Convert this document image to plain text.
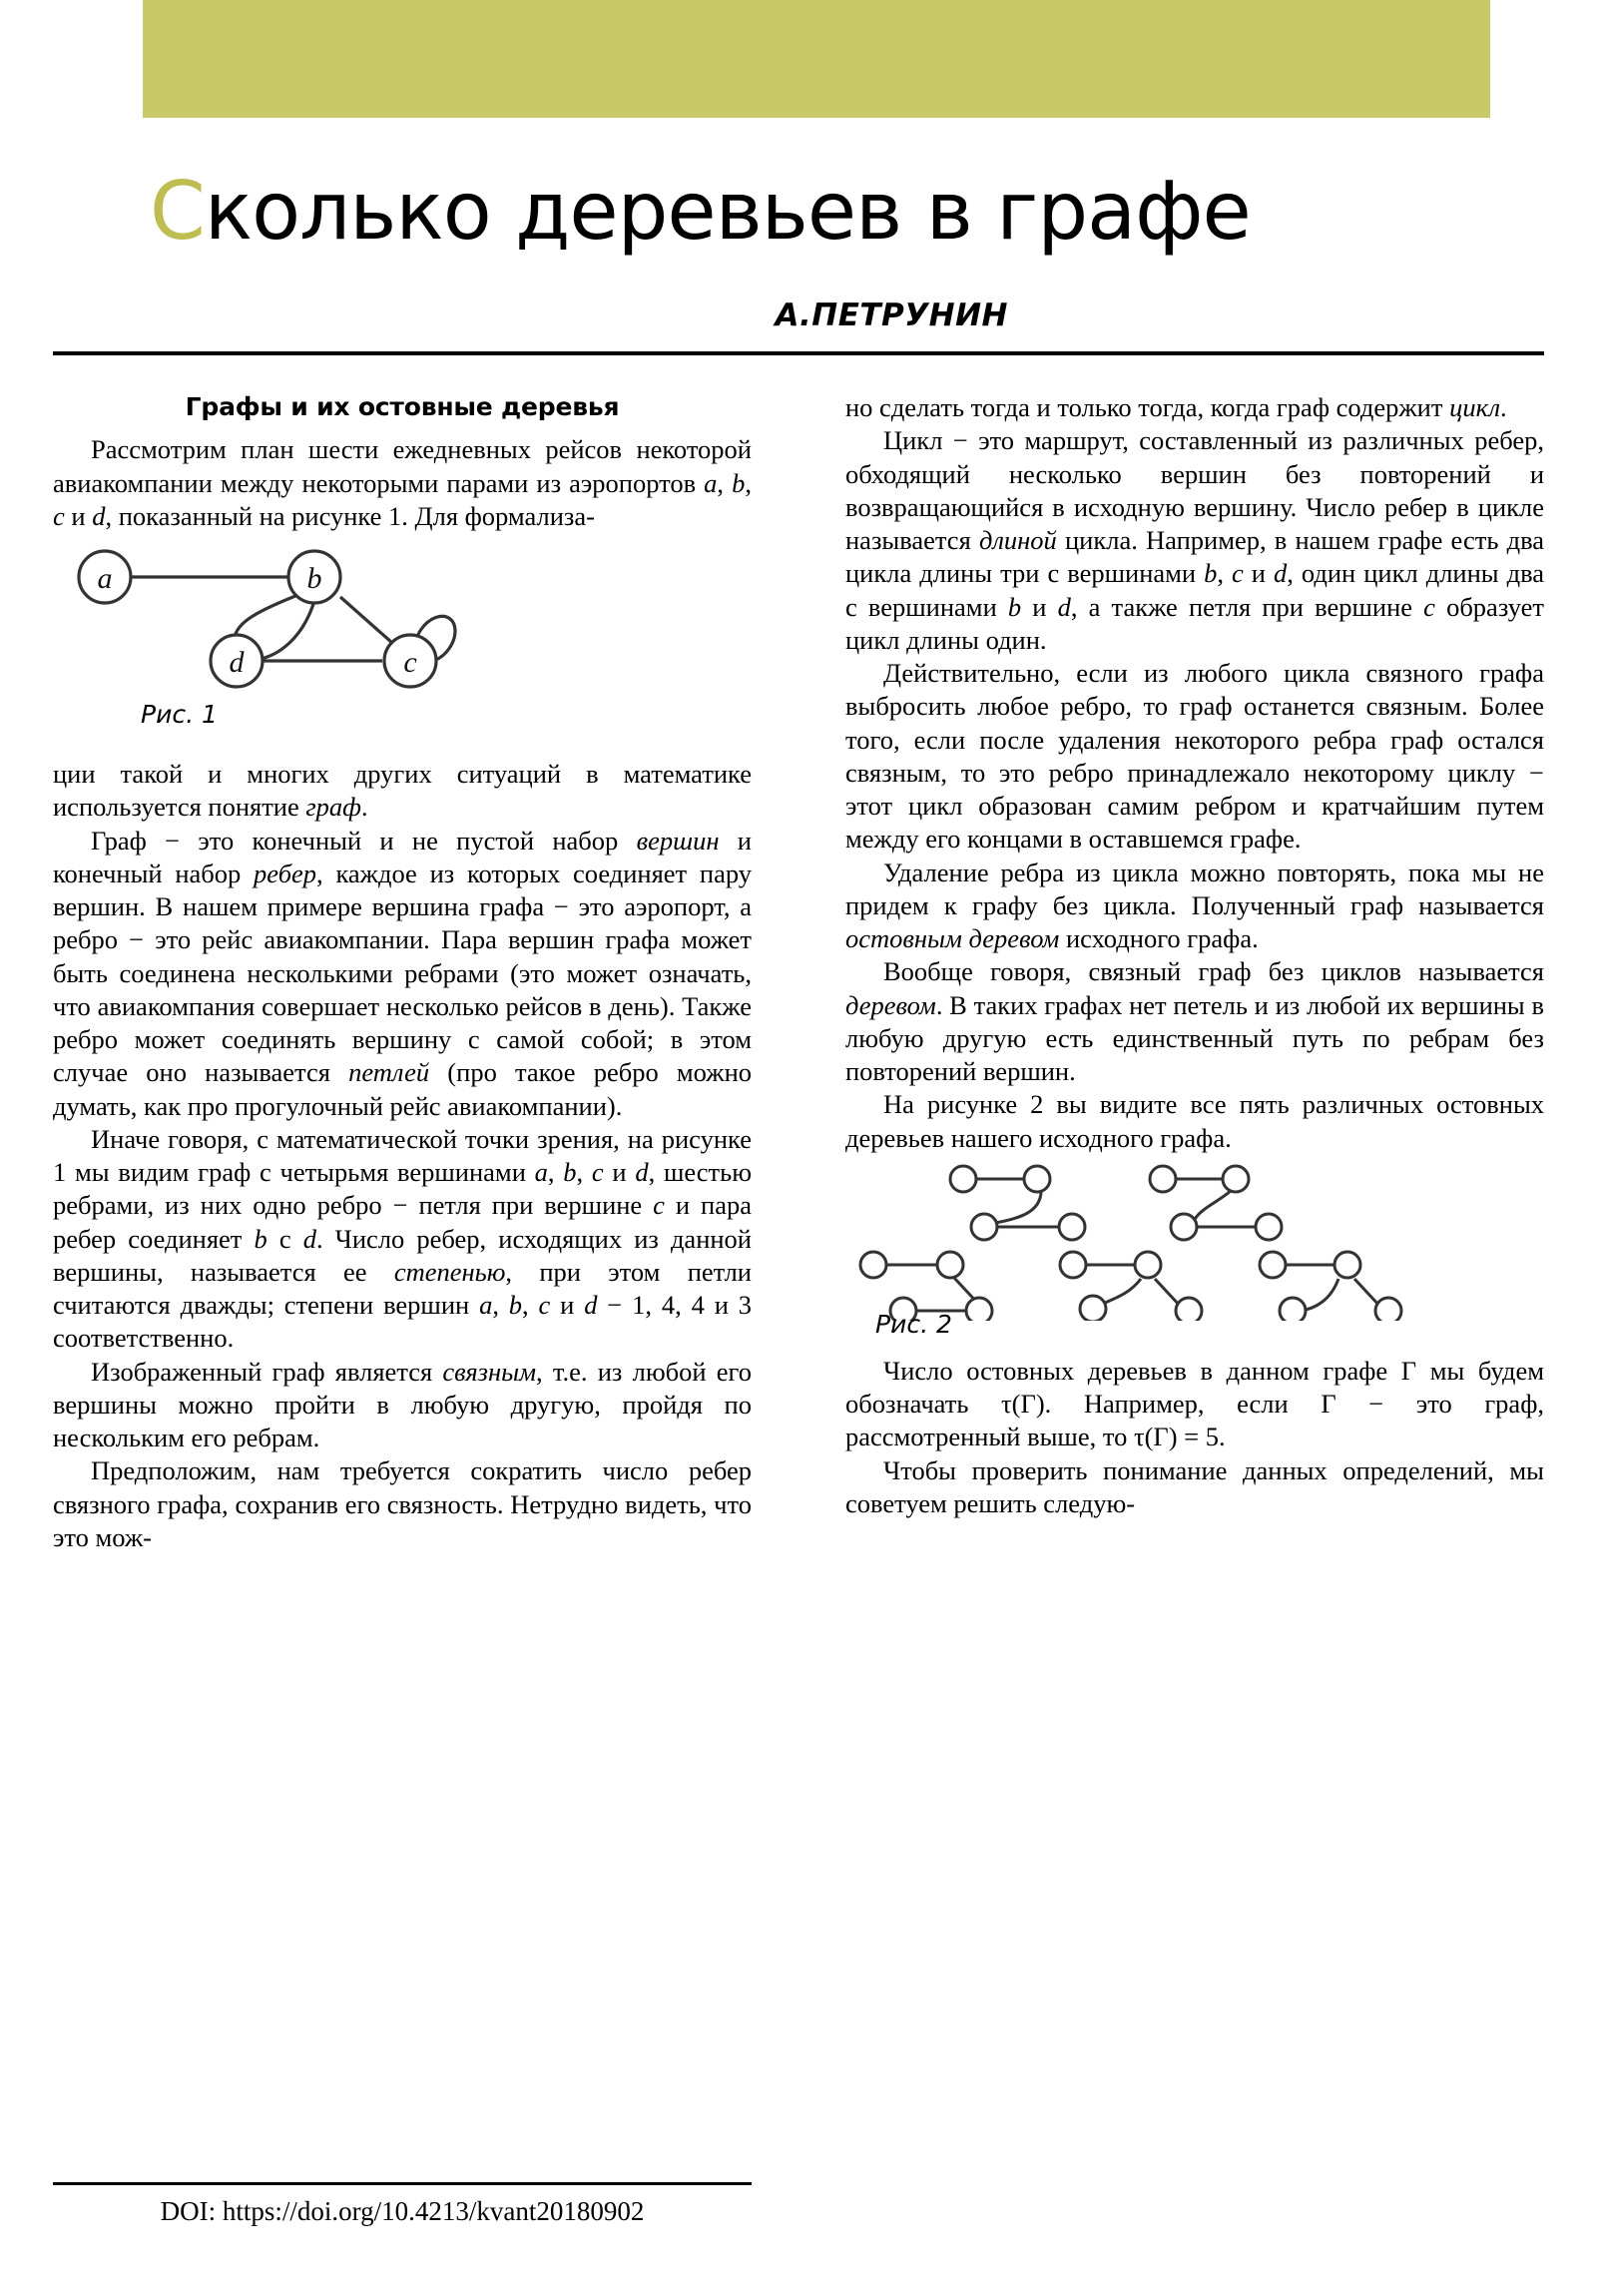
Сколько деревьев в графе
А.ПЕТРУНИН
Графы и их остовные деревья

Рассмотрим план шести ежедневных рейсов некоторой авиакомпании между некоторыми парами из аэропортов a, b, c и d, показанный на рисунке 1. Для формализа-

a	b
d	c
Рис. 1

ции такой и многих других ситуаций в математике используется понятие граф.

Граф − это конечный и не пустой набор вершин и конечный набор ребер, каждое из которых соединяет пару вершин. В нашем примере вершина графа − это аэропорт, а ребро − это рейс авиакомпании. Пара вершин графа может быть соединена несколькими ребрами (это может означать, что авиакомпания совершает несколько рейсов в день). Также ребро может соединять вершину с самой собой; в этом случае оно называется петлей (про такое ребро можно думать, как про прогулочный рейс авиакомпании).

Иначе говоря, с математической точки зрения, на рисунке 1 мы видим граф с четырьмя вершинами a, b, c и d, шестью ребрами, из них одно ребро − петля при вершине c и пара ребер соединяет b с d. Число ребер, исходящих из данной вершины, называется ее степенью, при этом петли считаются дважды; степени вершин a, b, c и d − 1, 4, 4 и 3 соответственно.

Изображенный граф является связным, т.е. из любой его вершины можно пройти в любую другую, пройдя по нескольким его ребрам.

Предположим, нам требуется сократить число ребер связного графа, сохранив его связность. Нетрудно видеть, что это мож-

но сделать тогда и только тогда, когда граф содержит цикл.

Цикл − это маршрут, составленный из различных ребер, обходящий несколько вершин без повторений и возвращающийся в исходную вершину. Число ребер в цикле называется длиной цикла. Например, в нашем графе есть два цикла длины три с вершинами b, c и d, один цикл длины два с вершинами b и d, а также петля при вершине c образует цикл длины один.

Действительно, если из любого цикла связного графа выбросить любое ребро, то граф останется связным. Более того, если после удаления некоторого ребра граф остался связным, то это ребро принадлежало некоторому циклу − этот цикл образован самим ребром и кратчайшим путем между его концами в оставшемся графе.

Удаление ребра из цикла можно повторять, пока мы не придем к графу без цикла. Полученный граф называется остовным деревом исходного графа.

Вообще говоря, связный граф без циклов называется деревом. В таких графах нет петель и из любой их вершины в любую другую есть единственный путь по ребрам без повторений вершин.

На рисунке 2 вы видите все пять различных остовных деревьев нашего исходного графа.

Рис. 2

Число остовных деревьев в данном графе Г мы будем обозначать τ(Г). Например, если Г − это граф, рассмотренный выше, то τ(Г) = 5.

Чтобы проверить понимание данных определений, мы советуем решить следую-

DOI: https://doi.org/10.4213/kvant20180902
